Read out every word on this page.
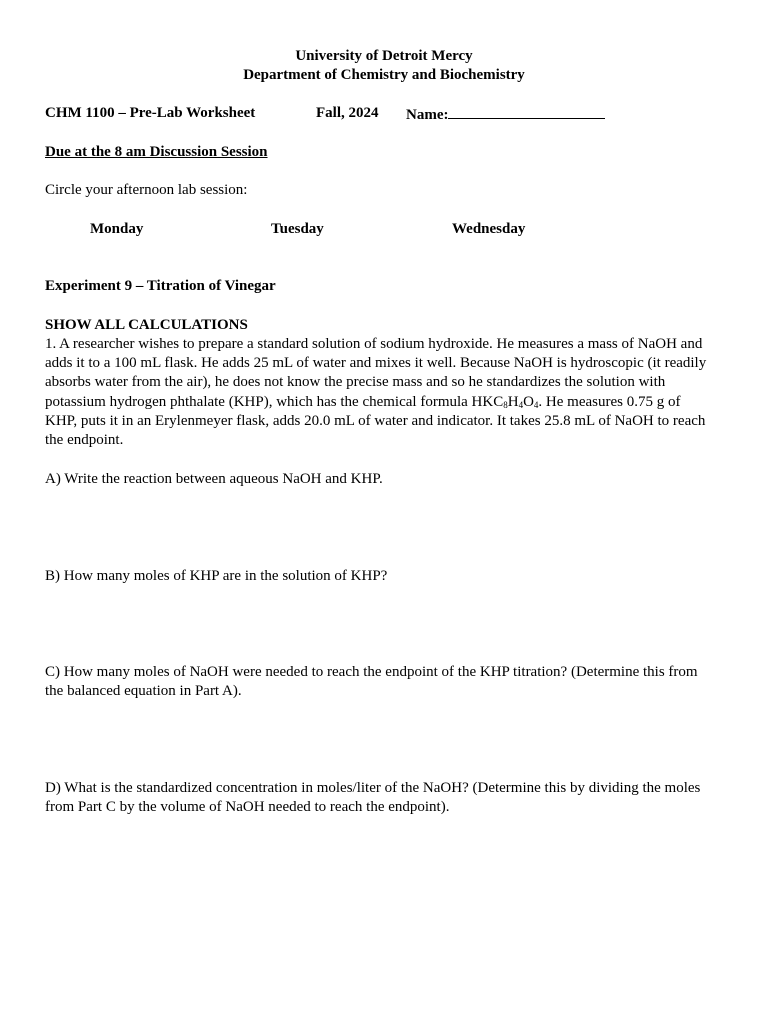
University of Detroit Mercy
Department of Chemistry and Biochemistry
CHM 1100 – Pre-Lab Worksheet	Fall, 2024 Name:
Due at the 8 am Discussion Session
Circle your afternoon lab session:
Monday	Tuesday	Wednesday
Experiment 9 – Titration of Vinegar
SHOW ALL CALCULATIONS
1. A researcher wishes to prepare a standard solution of sodium hydroxide. He measures a mass of NaOH and
adds it to a 100 mL flask. He adds 25 mL of water and mixes it well. Because NaOH is hydroscopic (it readily
absorbs water from the air), he does not know the precise mass and so he standardizes the solution with
potassium hydrogen phthalate (KHP), which has the chemical formula $HKC_8H_4O_4$. He measures 0.75 g of
KHP, puts it in an Erylenmeyer flask, adds 20.0 mL of water and indicator. It takes 25.8 mL of NaOH to reach
the endpoint.
A) Write the reaction between aqueous NaOH and KHP.
B) How many moles of KHP are in the solution of KHP?
C) How many moles of NaOH were needed to reach the endpoint of the KHP titration? (Determine this from
the balanced equation in Part A).
D) What is the standardized concentration in moles/liter of the NaOH? (Determine this by dividing the moles
from Part C by the volume of NaOH needed to reach the endpoint).
